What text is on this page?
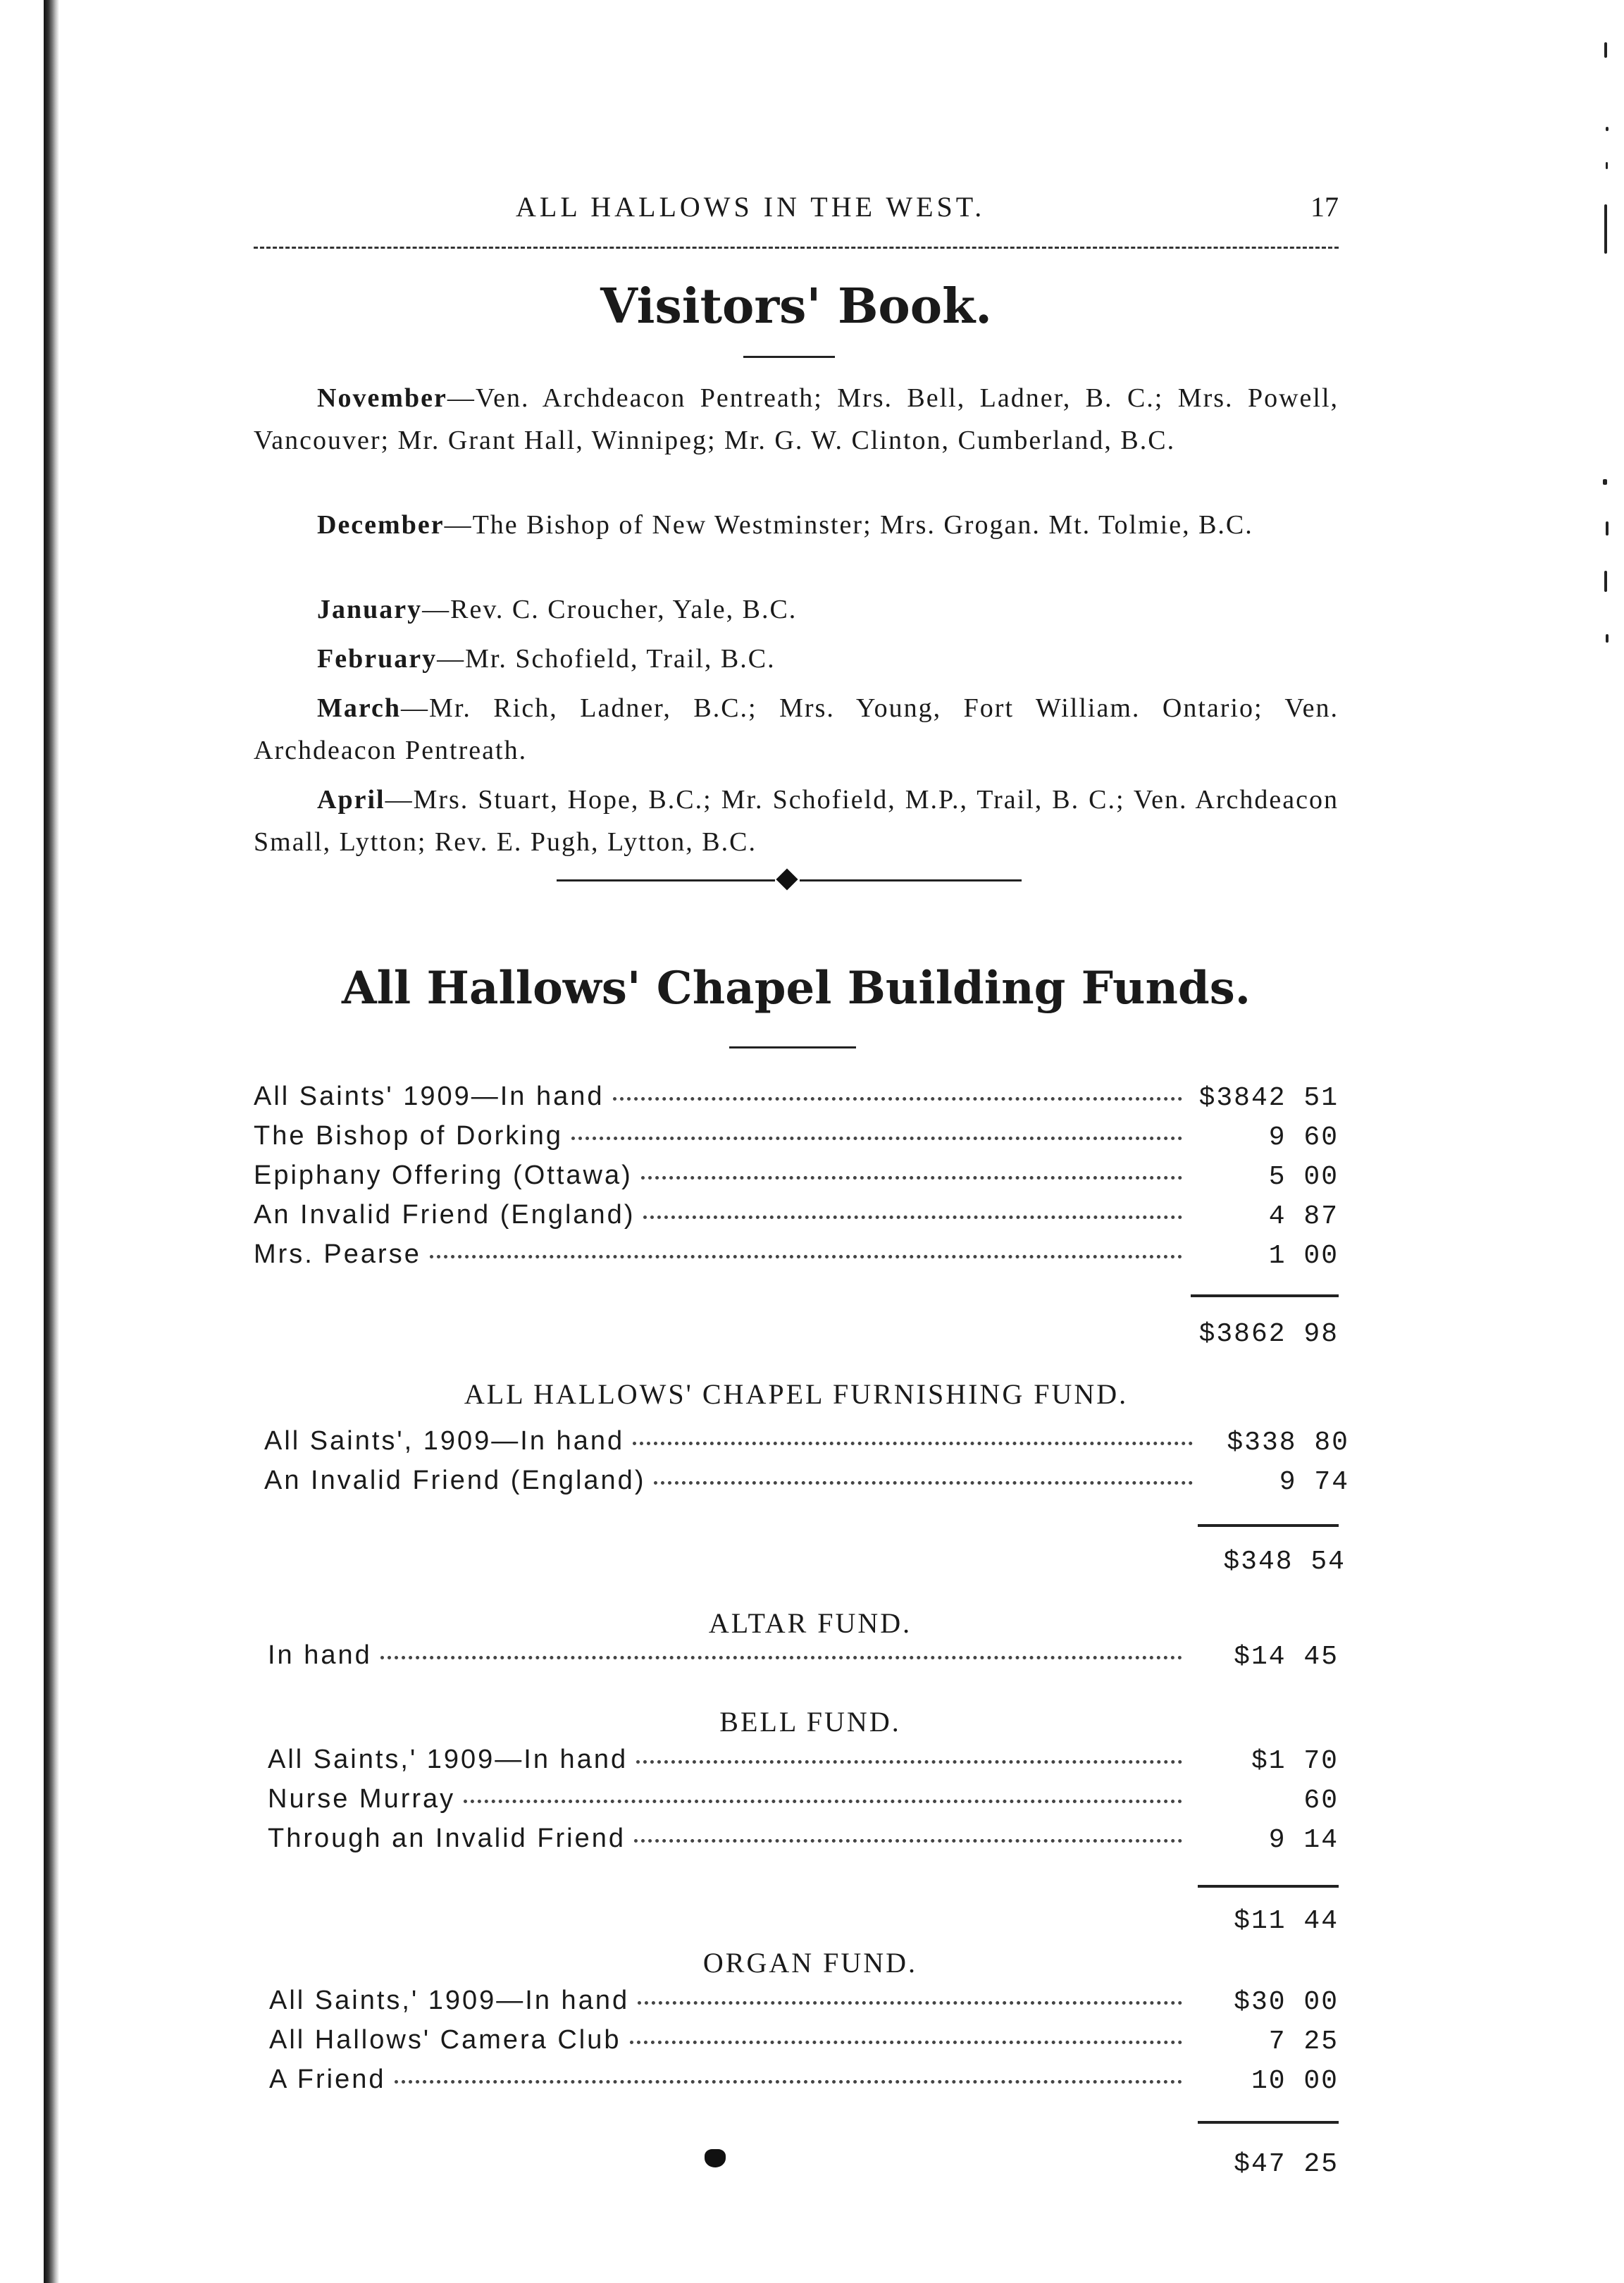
ALL HALLOWS IN THE WEST.	17
Visitors' Book.
November—Ven. Archdeacon Pentreath; Mrs. Bell, Ladner, B. C.; Mrs. Powell, Vancouver; Mr. Grant Hall, Winnipeg; Mr. G. W. Clinton, Cumberland, B.C.
December—The Bishop of New Westminster; Mrs. Grogan. Mt. Tolmie, B.C.
January—Rev. C. Croucher, Yale, B.C.
February—Mr. Schofield, Trail, B.C.
March—Mr. Rich, Ladner, B.C.; Mrs. Young, Fort William. Ontario; Ven. Archdeacon Pentreath.
April—Mrs. Stuart, Hope, B.C.; Mr. Schofield, M.P., Trail, B. C.; Ven. Archdeacon Small, Lytton; Rev. E. Pugh, Lytton, B.C.
All Hallows' Chapel Building Funds.
All Saints' 1909—In hand	$3842 51
The Bishop of Dorking	9 60
Epiphany Offering (Ottawa)	5 00
An Invalid Friend (England)	4 87
Mrs. Pearse	1 00
$3862 98
ALL HALLOWS' CHAPEL FURNISHING FUND.
All Saints', 1909—In hand	$338 80
An Invalid Friend (England)	9 74
$348 54
ALTAR FUND.
In hand	$14 45
BELL FUND.
All Saints,' 1909—In hand	$1 70
Nurse Murray	60
Through an Invalid Friend	9 14
$11 44
ORGAN FUND.
All Saints,' 1909—In hand	$30 00
All Hallows' Camera Club	7 25
A Friend	10 00
$47 25
